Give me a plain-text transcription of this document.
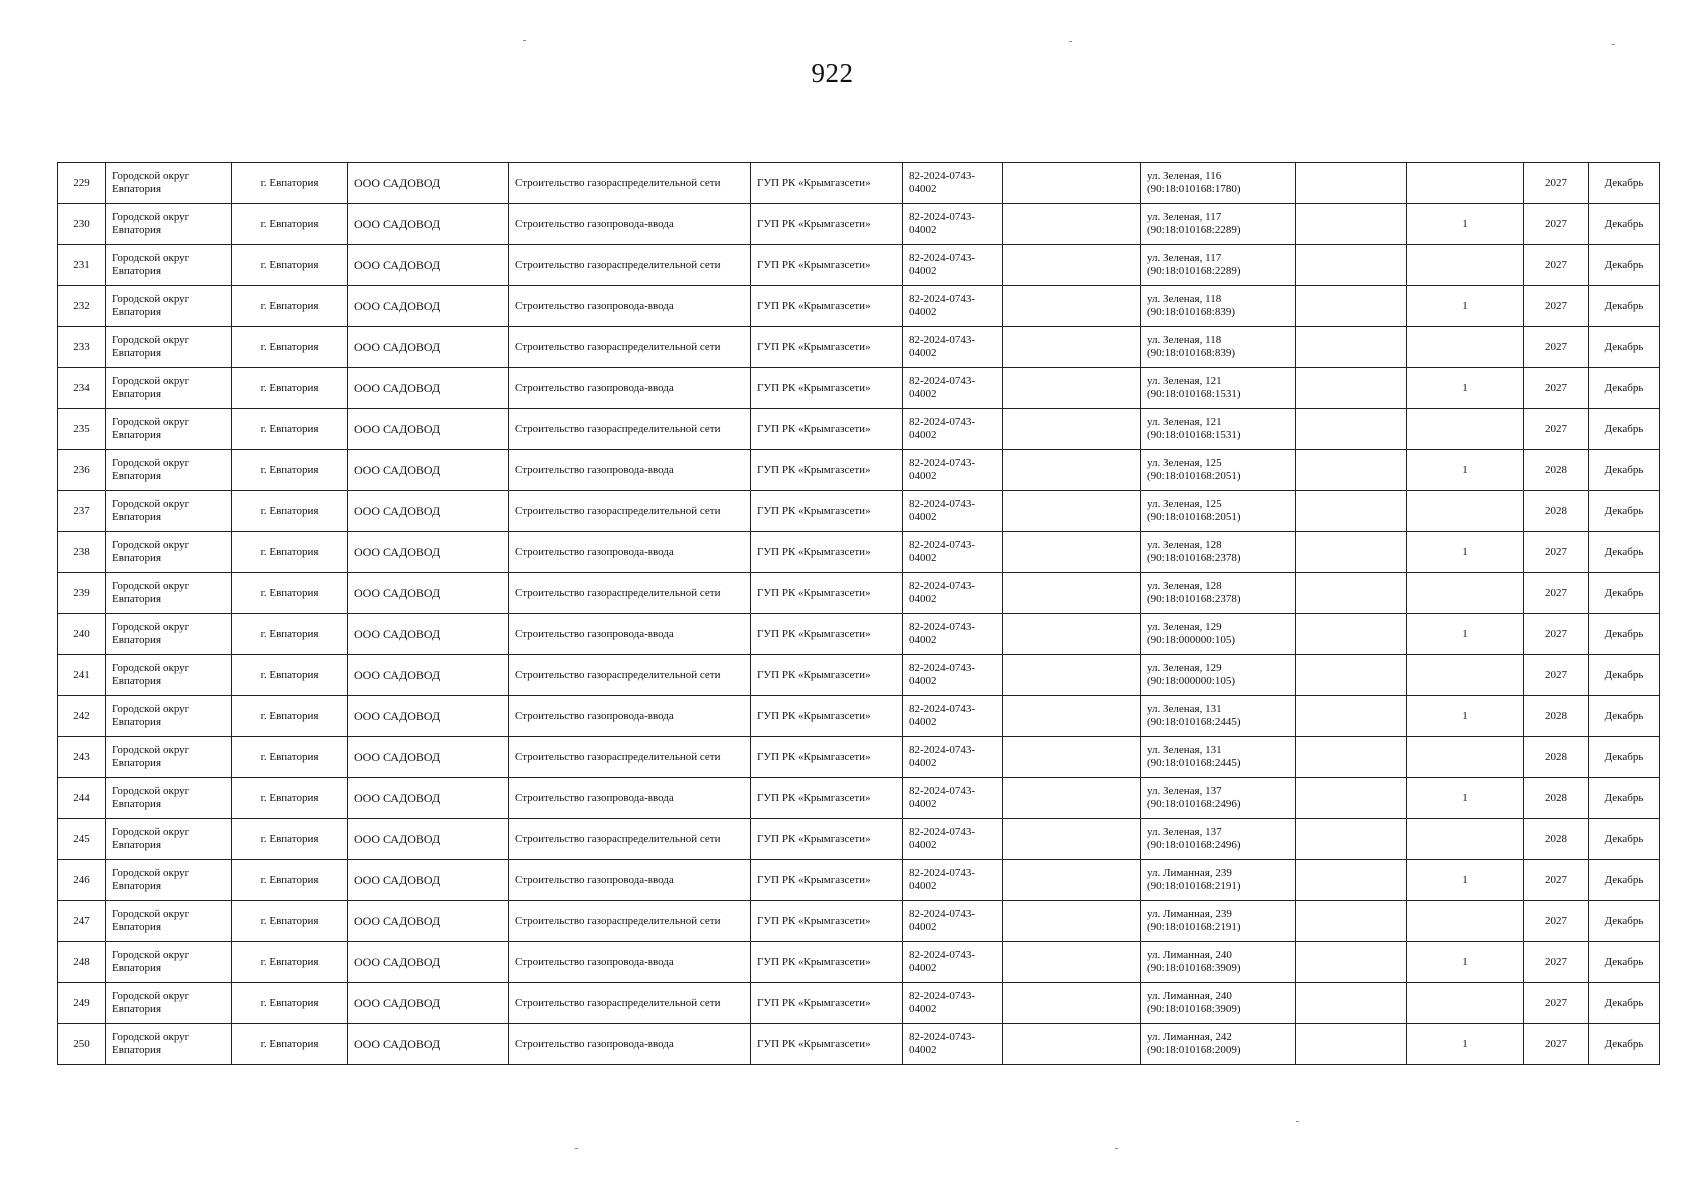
922
229	Городской округ Евпатория	г. Евпатория	ООО САДОВОД	Строительство газораспределительной сети	ГУП РК «Крымгазсети»	82-2024-0743-04002		ул. Зеленая, 116 (90:18:010168:1780)			2027	Декабрь
230	Городской округ Евпатория	г. Евпатория	ООО САДОВОД	Строительство газопровода-ввода	ГУП РК «Крымгазсети»	82-2024-0743-04002		ул. Зеленая, 117 (90:18:010168:2289)		1	2027	Декабрь
231	Городской округ Евпатория	г. Евпатория	ООО САДОВОД	Строительство газораспределительной сети	ГУП РК «Крымгазсети»	82-2024-0743-04002		ул. Зеленая, 117 (90:18:010168:2289)			2027	Декабрь
232	Городской округ Евпатория	г. Евпатория	ООО САДОВОД	Строительство газопровода-ввода	ГУП РК «Крымгазсети»	82-2024-0743-04002		ул. Зеленая, 118 (90:18:010168:839)		1	2027	Декабрь
233	Городской округ Евпатория	г. Евпатория	ООО САДОВОД	Строительство газораспределительной сети	ГУП РК «Крымгазсети»	82-2024-0743-04002		ул. Зеленая, 118 (90:18:010168:839)			2027	Декабрь
234	Городской округ Евпатория	г. Евпатория	ООО САДОВОД	Строительство газопровода-ввода	ГУП РК «Крымгазсети»	82-2024-0743-04002		ул. Зеленая, 121 (90:18:010168:1531)		1	2027	Декабрь
235	Городской округ Евпатория	г. Евпатория	ООО САДОВОД	Строительство газораспределительной сети	ГУП РК «Крымгазсети»	82-2024-0743-04002		ул. Зеленая, 121 (90:18:010168:1531)			2027	Декабрь
236	Городской округ Евпатория	г. Евпатория	ООО САДОВОД	Строительство газопровода-ввода	ГУП РК «Крымгазсети»	82-2024-0743-04002		ул. Зеленая, 125 (90:18:010168:2051)		1	2028	Декабрь
237	Городской округ Евпатория	г. Евпатория	ООО САДОВОД	Строительство газораспределительной сети	ГУП РК «Крымгазсети»	82-2024-0743-04002		ул. Зеленая, 125 (90:18:010168:2051)			2028	Декабрь
238	Городской округ Евпатория	г. Евпатория	ООО САДОВОД	Строительство газопровода-ввода	ГУП РК «Крымгазсети»	82-2024-0743-04002		ул. Зеленая, 128 (90:18:010168:2378)		1	2027	Декабрь
239	Городской округ Евпатория	г. Евпатория	ООО САДОВОД	Строительство газораспределительной сети	ГУП РК «Крымгазсети»	82-2024-0743-04002		ул. Зеленая, 128 (90:18:010168:2378)			2027	Декабрь
240	Городской округ Евпатория	г. Евпатория	ООО САДОВОД	Строительство газопровода-ввода	ГУП РК «Крымгазсети»	82-2024-0743-04002		ул. Зеленая, 129 (90:18:000000:105)		1	2027	Декабрь
241	Городской округ Евпатория	г. Евпатория	ООО САДОВОД	Строительство газораспределительной сети	ГУП РК «Крымгазсети»	82-2024-0743-04002		ул. Зеленая, 129 (90:18:000000:105)			2027	Декабрь
242	Городской округ Евпатория	г. Евпатория	ООО САДОВОД	Строительство газопровода-ввода	ГУП РК «Крымгазсети»	82-2024-0743-04002		ул. Зеленая, 131 (90:18:010168:2445)		1	2028	Декабрь
243	Городской округ Евпатория	г. Евпатория	ООО САДОВОД	Строительство газораспределительной сети	ГУП РК «Крымгазсети»	82-2024-0743-04002		ул. Зеленая, 131 (90:18:010168:2445)			2028	Декабрь
244	Городской округ Евпатория	г. Евпатория	ООО САДОВОД	Строительство газопровода-ввода	ГУП РК «Крымгазсети»	82-2024-0743-04002		ул. Зеленая, 137 (90:18:010168:2496)		1	2028	Декабрь
245	Городской округ Евпатория	г. Евпатория	ООО САДОВОД	Строительство газораспределительной сети	ГУП РК «Крымгазсети»	82-2024-0743-04002		ул. Зеленая, 137 (90:18:010168:2496)			2028	Декабрь
246	Городской округ Евпатория	г. Евпатория	ООО САДОВОД	Строительство газопровода-ввода	ГУП РК «Крымгазсети»	82-2024-0743-04002		ул. Лиманная, 239 (90:18:010168:2191)		1	2027	Декабрь
247	Городской округ Евпатория	г. Евпатория	ООО САДОВОД	Строительство газораспределительной сети	ГУП РК «Крымгазсети»	82-2024-0743-04002		ул. Лиманная, 239 (90:18:010168:2191)			2027	Декабрь
248	Городской округ Евпатория	г. Евпатория	ООО САДОВОД	Строительство газопровода-ввода	ГУП РК «Крымгазсети»	82-2024-0743-04002		ул. Лиманная, 240 (90:18:010168:3909)		1	2027	Декабрь
249	Городской округ Евпатория	г. Евпатория	ООО САДОВОД	Строительство газораспределительной сети	ГУП РК «Крымгазсети»	82-2024-0743-04002		ул. Лиманная, 240 (90:18:010168:3909)			2027	Декабрь
250	Городской округ Евпатория	г. Евпатория	ООО САДОВОД	Строительство газопровода-ввода	ГУП РК «Крымгазсети»	82-2024-0743-04002		ул. Лиманная, 242 (90:18:010168:2009)		1	2027	Декабрь
